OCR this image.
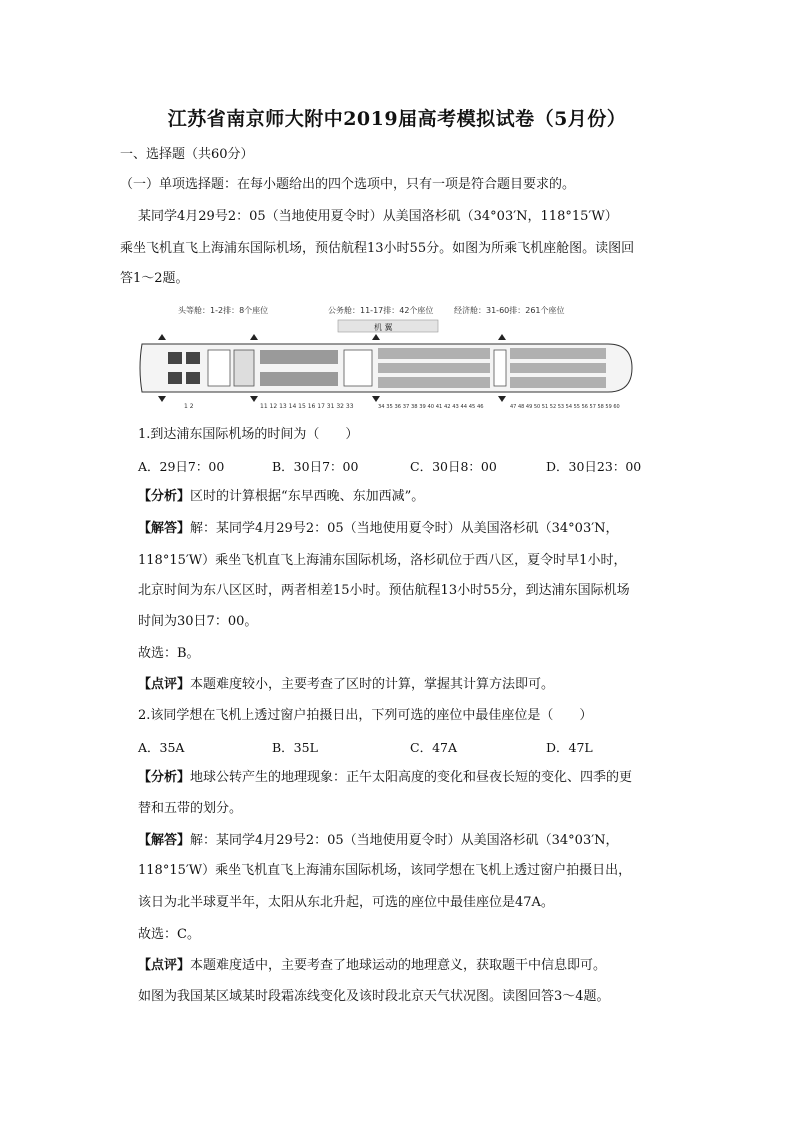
江苏省南京师大附中2019届高考模拟试卷（5月份）
一、选择题（共60分）
（一）单项选择题：在每小题给出的四个选项中，只有一项是符合题目要求的。
某同学4月29号2：05（当地使用夏令时）从美国洛杉矶（34°03′N，118°15′W）
乘坐飞机直飞上海浦东国际机场，预估航程13小时55分。如图为所乘飞机座舱图。读图回
答1～2题。
头等舱：1-2排：8个座位	公务舱：11-17排：42个座位	经济舱：31-60排：261个座位
机 翼
1 2	11 12 13 14 15 16 17 31 32 33	34 35 36 37 38 39 40 41 42 43 44 45 46	47 48 49 50 51 52 53 54 55 56 57 58 59 60
1.到达浦东国际机场的时间为（　　）
A．29日7：00	B．30日7：00	C．30日8：00	D．30日23：00
【分析】区时的计算根据“东早西晚、东加西减”。
【解答】解：某同学4月29号2：05（当地使用夏令时）从美国洛杉矶（34°03′N，
118°15′W）乘坐飞机直飞上海浦东国际机场，洛杉矶位于西八区，夏令时早1小时，
北京时间为东八区区时，两者相差15小时。预估航程13小时55分，到达浦东国际机场
时间为30日7：00。
故选：B。
【点评】本题难度较小，主要考查了区时的计算，掌握其计算方法即可。
2.该同学想在飞机上透过窗户拍摄日出，下列可选的座位中最佳座位是（　　）
A．35A	B．35L	C．47A	D．47L
【分析】地球公转产生的地理现象：正午太阳高度的变化和昼夜长短的变化、四季的更
替和五带的划分。
【解答】解：某同学4月29号2：05（当地使用夏令时）从美国洛杉矶（34°03′N，
118°15′W）乘坐飞机直飞上海浦东国际机场，该同学想在飞机上透过窗户拍摄日出，
该日为北半球夏半年，太阳从东北升起，可选的座位中最佳座位是47A。
故选：C。
【点评】本题难度适中，主要考查了地球运动的地理意义，获取题干中信息即可。
如图为我国某区域某时段霜冻线变化及该时段北京天气状况图。读图回答3～4题。
